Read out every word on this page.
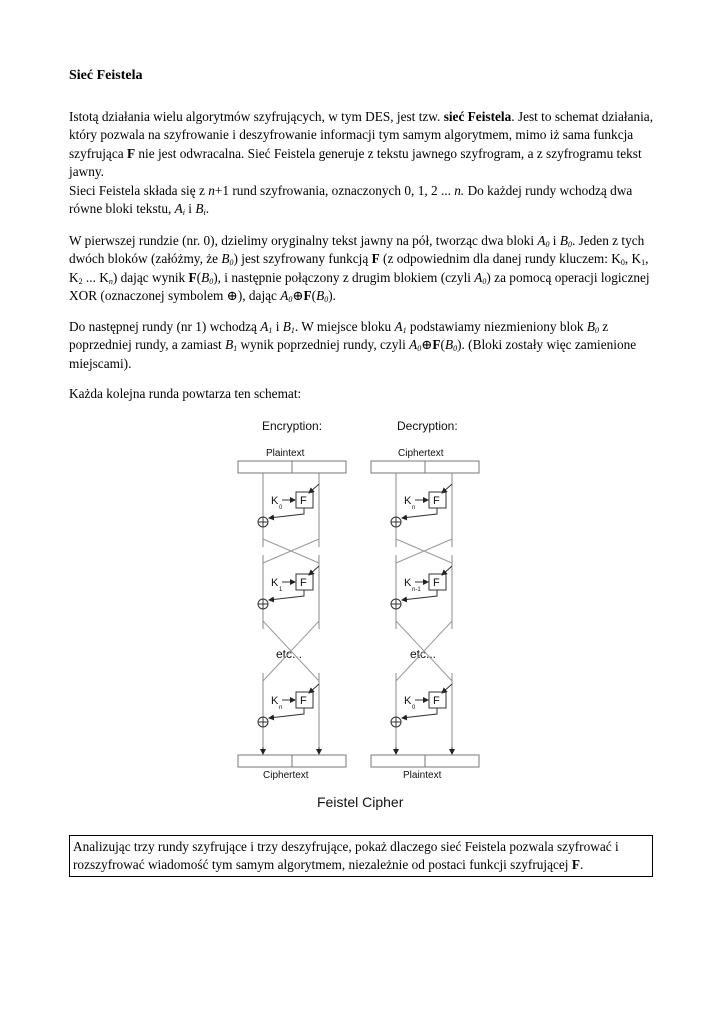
Sieć Feistela
Istotą działania wielu algorytmów szyfrujących, w tym DES, jest tzw. sieć Feistela. Jest to schemat działania, który pozwala na szyfrowanie i deszyfrowanie informacji tym samym algorytmem, mimo iż sama funkcja szyfrująca F nie jest odwracalna. Sieć Feistela generuje z tekstu jawnego szyfrogram, a z szyfrogramu tekst jawny.
Sieci Feistela składa się z n+1 rund szyfrowania, oznaczonych 0, 1, 2 ... n. Do każdej rundy wchodzą dwa równe bloki tekstu, $A_i$ i $B_i$.
W pierwszej rundzie (nr. 0), dzielimy oryginalny tekst jawny na pół, tworząc dwa bloki $A_0$ i $B_0$. Jeden z tych dwóch bloków (załóżmy, że $B_0$) jest szyfrowany funkcją F (z odpowiednim dla danej rundy kluczem: $K_0$, $K_1$, $K_2$ ... $K_n$) dając wynik $F(B_0)$, i następnie połączony z drugim blokiem (czyli $A_0$) za pomocą operacji logicznej XOR (oznaczonej symbolem ⊕), dając $A_0\oplus F(B_0)$.
Do następnej rundy (nr 1) wchodzą $A_1$ i $B_1$. W miejsce bloku $A_1$ podstawiamy niezmieniony blok $B_0$ z poprzedniej rundy, a zamiast $B_1$ wynik poprzedniej rundy, czyli $A_0\oplus F(B_0)$. (Bloki zostały więc zamienione miejscami).
Każda kolejna runda powtarza ten schemat:
Encryption:	Decryption:
Plaintext	Ciphertext
Ciphertext	Plaintext
etc...	etc...
Feistel Cipher
F
K
0
F
K
1
F
K
n
F
K
n
F
K
n-1
F
K
0
Analizując trzy rundy szyfrujące i trzy deszyfrujące, pokaż dlaczego sieć Feistela pozwala szyfrować i rozszyfrować wiadomość tym samym algorytmem, niezależnie od postaci funkcji szyfrującej F.
